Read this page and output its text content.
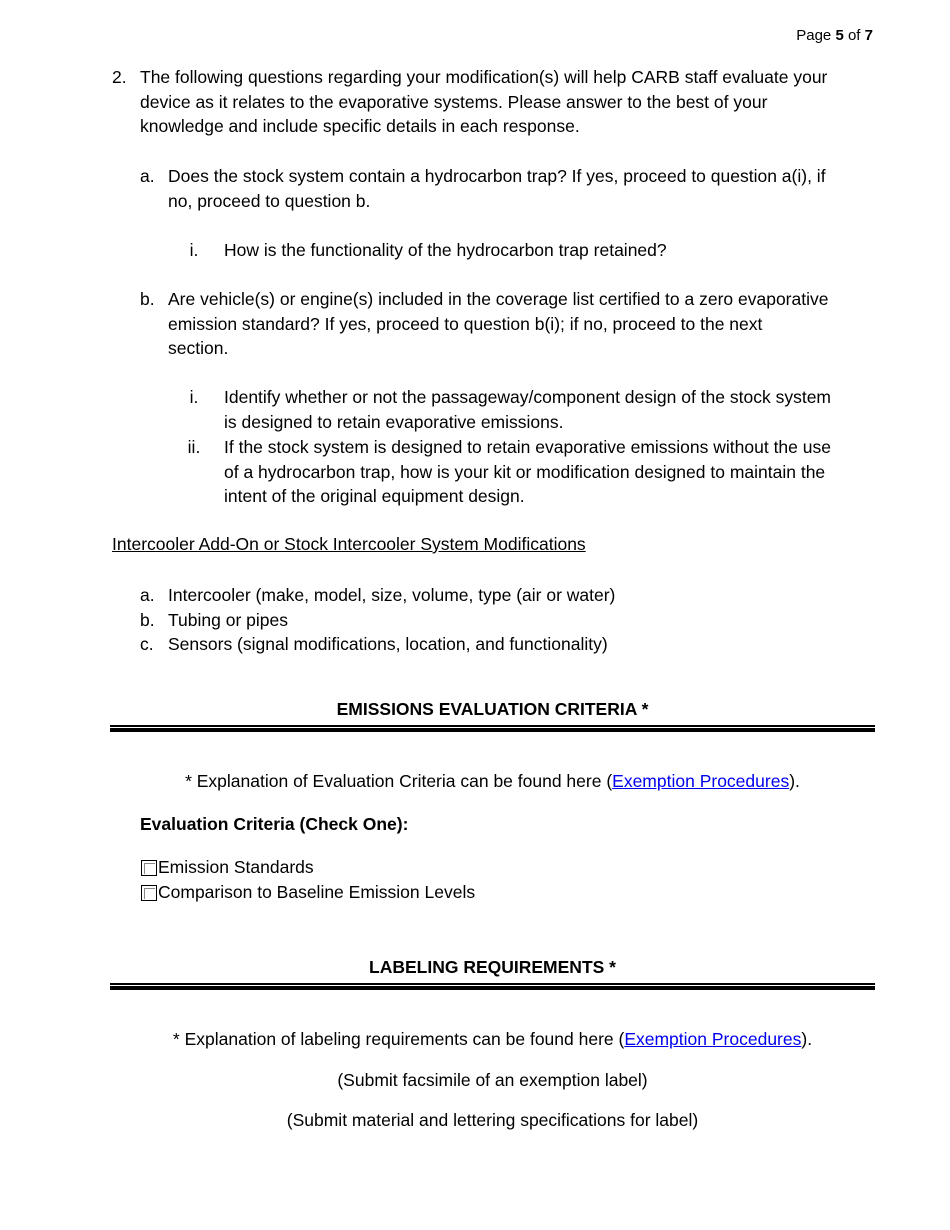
Page 5 of 7
2. The following questions regarding your modification(s) will help CARB staff evaluate your
device as it relates to the evaporative systems. Please answer to the best of your
knowledge and include specific details in each response.
a. Does the stock system contain a hydrocarbon trap? If yes, proceed to question a(i), if
no, proceed to question b.
i.	How is the functionality of the hydrocarbon trap retained?
b. Are vehicle(s) or engine(s) included in the coverage list certified to a zero evaporative
emission standard? If yes, proceed to question b(i); if no, proceed to the next
section.
i.	Identify whether or not the passageway/component design of the stock system
is designed to retain evaporative emissions.
ii.	If the stock system is designed to retain evaporative emissions without the use
of a hydrocarbon trap, how is your kit or modification designed to maintain the
intent of the original equipment design.
Intercooler Add-On or Stock Intercooler System Modifications
a. Intercooler (make, model, size, volume, type (air or water)
b. Tubing or pipes
c. Sensors (signal modifications, location, and functionality)
EMISSIONS EVALUATION CRITERIA *
* Explanation of Evaluation Criteria can be found here (Exemption Procedures).
Evaluation Criteria (Check One):
Emission Standards
Comparison to Baseline Emission Levels
LABELING REQUIREMENTS *
* Explanation of labeling requirements can be found here (Exemption Procedures).
(Submit facsimile of an exemption label)
(Submit material and lettering specifications for label)
